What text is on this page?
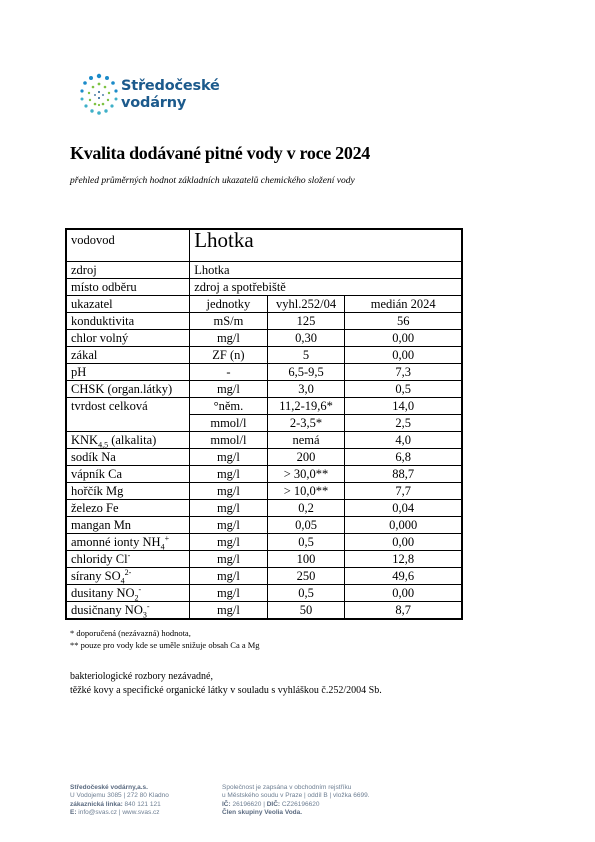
Středočeské
vodárny
Kvalita dodávané pitné vody v roce 2024
přehled průměrných hodnot základních ukazatelů chemického složení vody
vodovod	Lhotka		
zdroj	Lhotka		
místo odběru	zdroj a spotřebiště		
ukazatel	jednotky	vyhl.252/04	medián 2024
konduktivita	mS/m	125	56
chlor volný	mg/l	0,30	0,00
zákal	ZF (n)	5	0,00
pH	-	6,5-9,5	7,3
CHSK (organ.látky)	mg/l	3,0	0,5
tvrdost celková	°něm.	11,2-19,6*	14,0
	mmol/l	2-3,5*	2,5
$KNK_{4,5}$ (alkalita)	mmol/l	nemá	4,0
sodík Na	mg/l	200	6,8
vápník Ca	mg/l	> 30,0**	88,7
hořčík Mg	mg/l	> 10,0**	7,7
železo Fe	mg/l	0,2	0,04
mangan Mn	mg/l	0,05	0,000
amonné ionty $NH_4^+$	mg/l	0,5	0,00
chloridy Cl-	mg/l	100	12,8
sírany $SO_4^{2-}$	mg/l	250	49,6
dusitany $NO_2^-$	mg/l	0,5	0,00
dusičnany $NO_3^-$	mg/l	50	8,7
* doporučená (nezávazná) hodnota,
** pouze pro vody kde se uměle snižuje obsah Ca a Mg
bakteriologické rozbory nezávadné,
těžké kovy a specifické organické látky v souladu s vyhláškou č.252/2004 Sb.
Středočeské vodárny,a.s.
U Vodojemu 3085 | 272 80 Kladno
zákaznická linka: 840 121 121
E: info@svas.cz | www.svas.cz
Společnost je zapsána v obchodním rejstříku
u Městského soudu v Praze | oddíl B | vložka 6699.
IČ: 26196620 | DIČ: CZ26196620
Člen skupiny Veolia Voda.
